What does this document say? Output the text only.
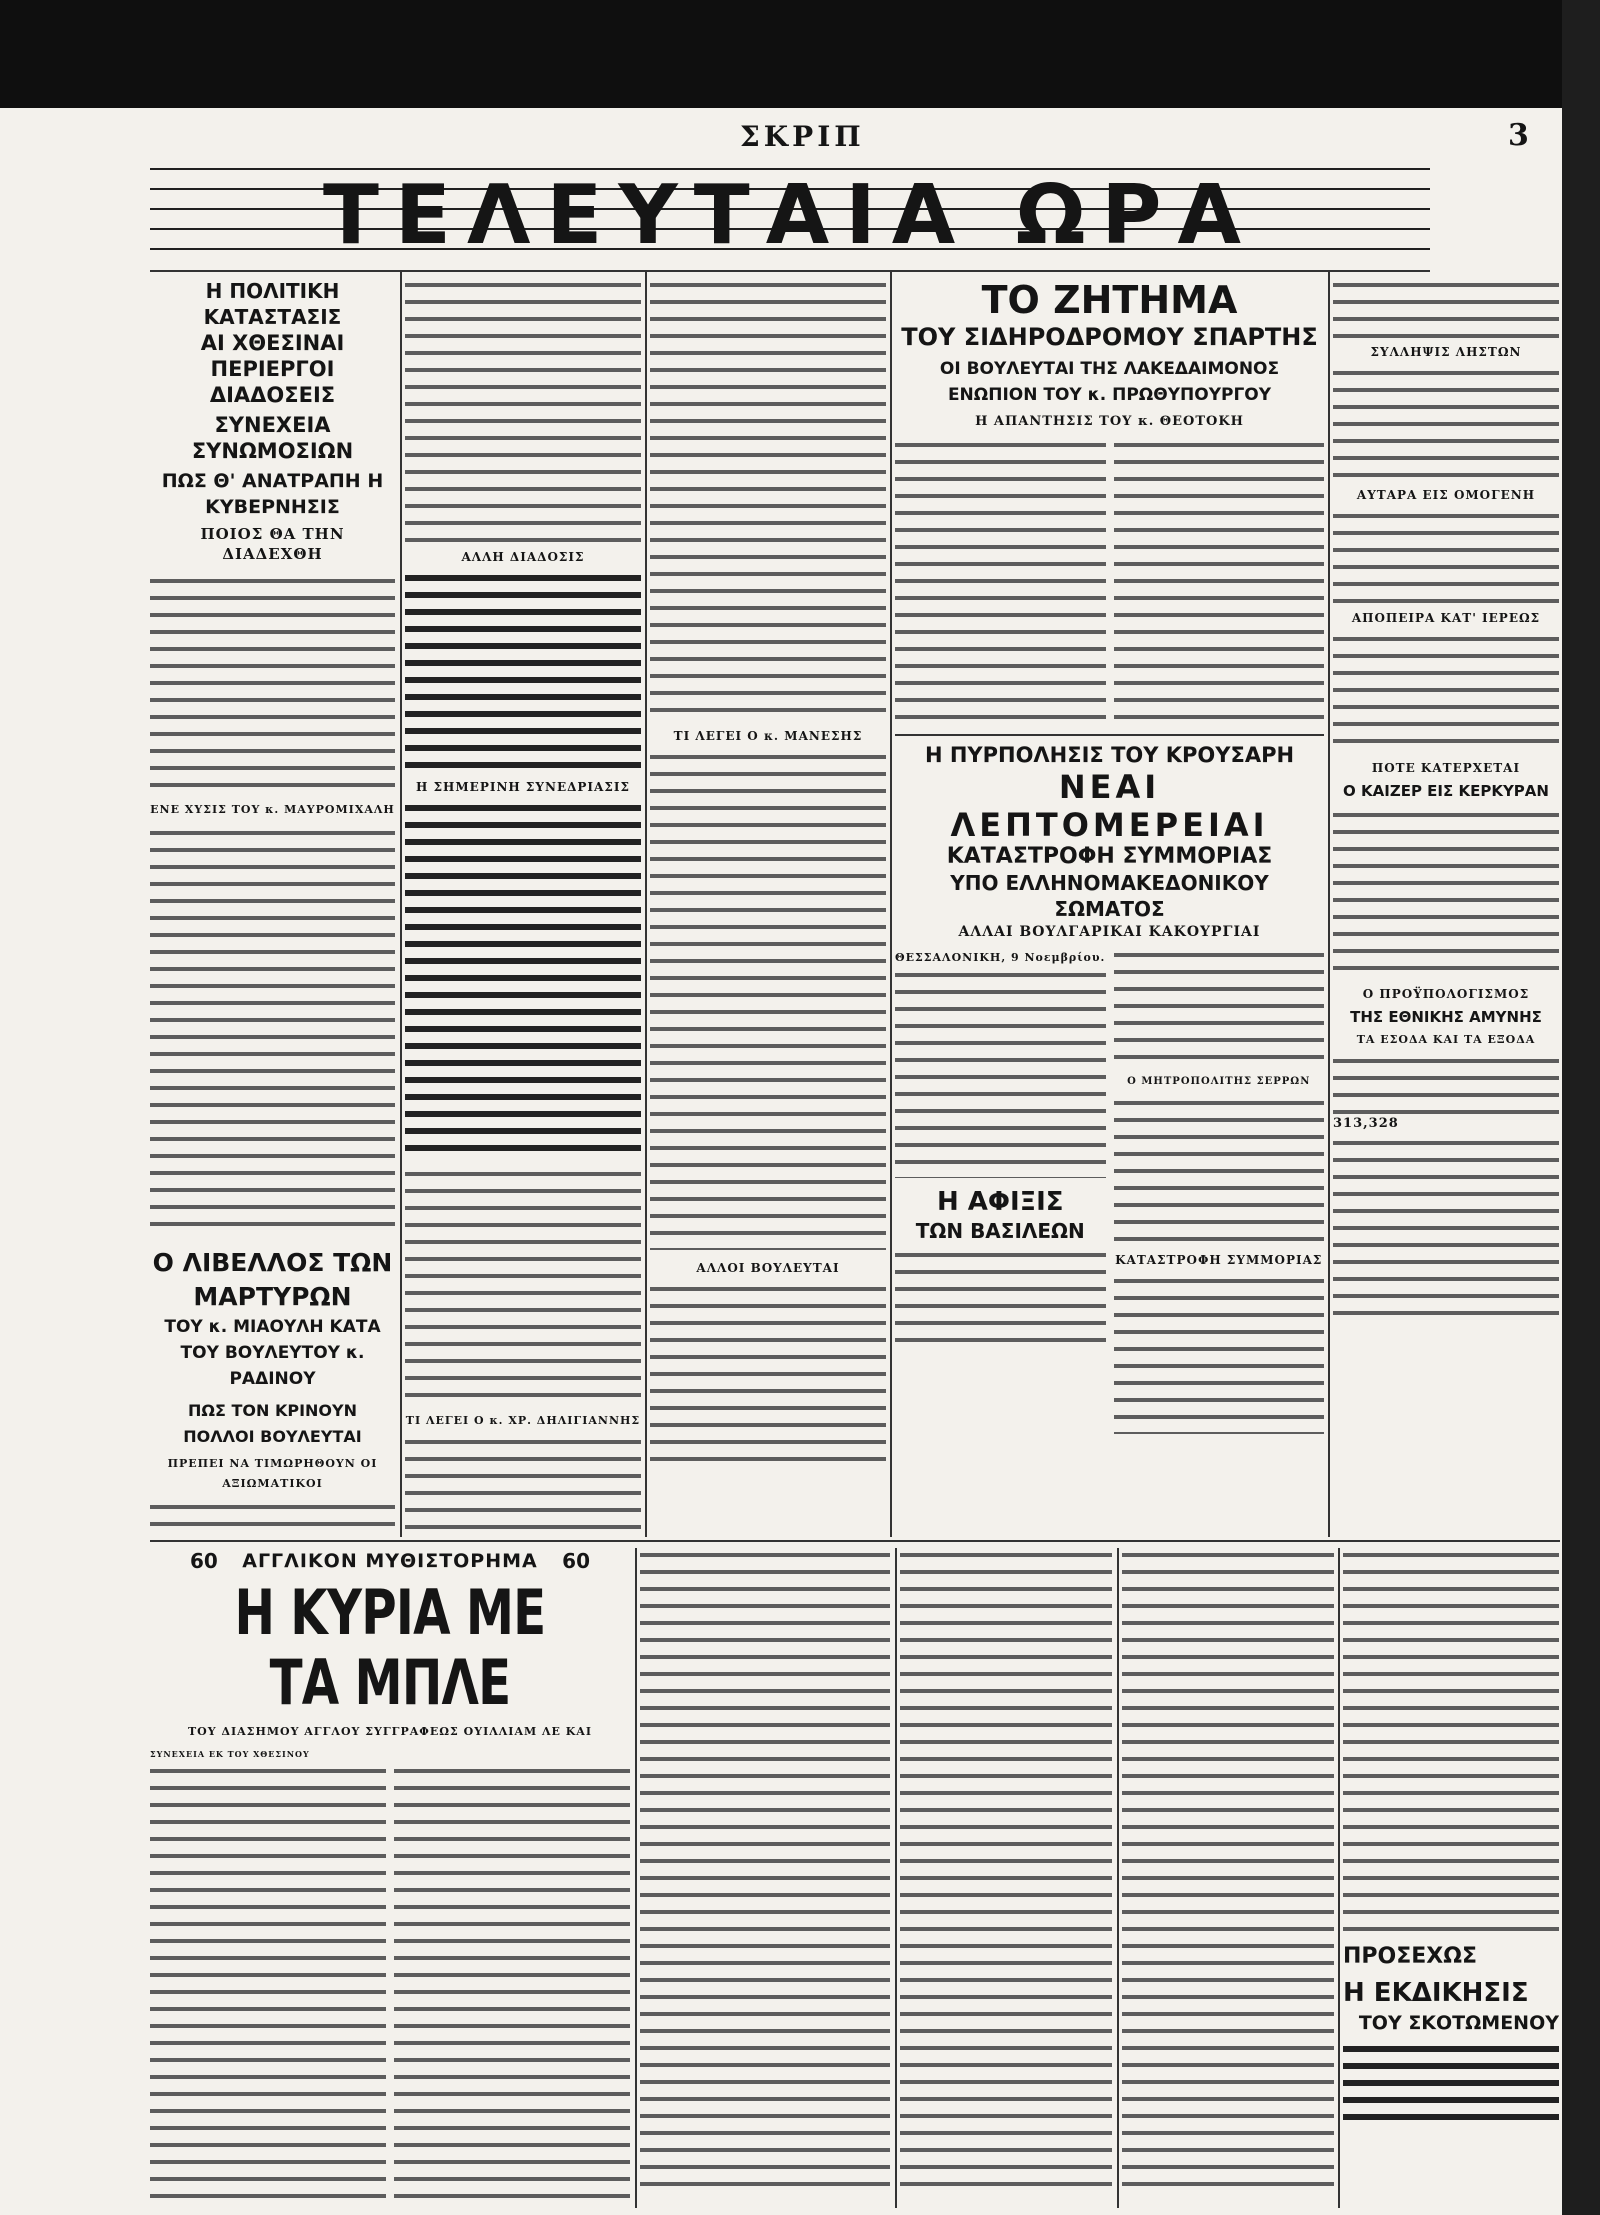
ΣΚΡΙΠ	3
ΤΕΛΕΥΤΑΙΑ ΩΡΑ
Η ΠΟΛΙΤΙΚΗ ΚΑΤΑΣΤΑΣΙΣ
ΑΙ ΧΘΕΣΙΝΑΙ ΠΕΡΙΕΡΓΟΙ ΔΙΑΔΟΣΕΙΣ
ΣΥΝΕΧΕΙΑ ΣΥΝΩΜΟΣΙΩΝ
ΠΩΣ Θ' ΑΝΑΤΡΑΠΗ Η ΚΥΒΕΡΝΗΣΙΣ
ΠΟΙΟΣ ΘΑ ΤΗΝ ΔΙΑΔΕΧΘΗ
ΕΝΕ ΧΥΣΙΣ ΤΟΥ κ. ΜΑΥΡΟΜΙΧΑΛΗ
Ο ΛΙΒΕΛΛΟΣ ΤΩΝ ΜΑΡΤΥΡΩΝ
ΤΟΥ κ. ΜΙΑΟΥΛΗ ΚΑΤΑ ΤΟΥ ΒΟΥΛΕΥΤΟΥ κ. ΡΑΔΙΝΟΥ
ΠΩΣ ΤΟΝ ΚΡΙΝΟΥΝ ΠΟΛΛΟΙ ΒΟΥΛΕΥΤΑΙ
ΠΡΕΠΕΙ ΝΑ ΤΙΜΩΡΗΘΟΥΝ ΟΙ ΑΞΙΩΜΑΤΙΚΟΙ
ΑΛΛΗ ΔΙΑΔΟΣΙΣ
Η ΣΗΜΕΡΙΝΗ ΣΥΝΕΔΡΙΑΣΙΣ
ΤΙ ΛΕΓΕΙ Ο κ. ΧΡ. ΔΗΛΙΓΙΑΝΝΗΣ
ΤΙ ΛΕΓΕΙ Ο κ. ΜΑΝΕΣΗΣ
ΑΛΛΟΙ ΒΟΥΛΕΥΤΑΙ
ΤΟ ΖΗΤΗΜΑ
ΤΟΥ ΣΙΔΗΡΟΔΡΟΜΟΥ ΣΠΑΡΤΗΣ
ΟΙ ΒΟΥΛΕΥΤΑΙ ΤΗΣ ΛΑΚΕΔΑΙΜΟΝΟΣ
ΕΝΩΠΙΟΝ ΤΟΥ κ. ΠΡΩΘΥΠΟΥΡΓΟΥ
Η ΑΠΑΝΤΗΣΙΣ ΤΟΥ κ. ΘΕΟΤΟΚΗ
Η ΠΥΡΠΟΛΗΣΙΣ ΤΟΥ ΚΡΟΥΣΑΡΗ
ΝΕΑΙ ΛΕΠΤΟΜΕΡΕΙΑΙ
ΚΑΤΑΣΤΡΟΦΗ ΣΥΜΜΟΡΙΑΣ
ΥΠΟ ΕΛΛΗΝΟΜΑΚΕΔΟΝΙΚΟΥ ΣΩΜΑΤΟΣ
ΑΛΛΑΙ ΒΟΥΛΓΑΡΙΚΑΙ ΚΑΚΟΥΡΓΙΑΙ
ΘΕΣΣΑΛΟΝΙΚΗ, 9 Νοεμβρίου.
Η ΑΦΙΞΙΣ
ΤΩΝ ΒΑΣΙΛΕΩΝ
Ο ΜΗΤΡΟΠΟΛΙΤΗΣ ΣΕΡΡΩΝ
ΚΑΤΑΣΤΡΟΦΗ ΣΥΜΜΟΡΙΑΣ
ΣΥΛΛΗΨΙΣ ΛΗΣΤΩΝ
ΑΥΤΑΡΑ ΕΙΣ ΟΜΟΓΕΝΗ
ΑΠΟΠΕΙΡΑ ΚΑΤ' ΙΕΡΕΩΣ
ΠΟΤΕ ΚΑΤΕΡΧΕΤΑΙ
Ο ΚΑΙΖΕΡ ΕΙΣ ΚΕΡΚΥΡΑΝ
Ο ΠΡΟΫΠΟΛΟΓΙΣΜΟΣ
ΤΗΣ ΕΘΝΙΚΗΣ ΑΜΥΝΗΣ
ΤΑ ΕΣΟΔΑ ΚΑΙ ΤΑ ΕΞΟΔΑ
313,328
60 ΑΓΓΛΙΚΟΝ ΜΥΘΙΣΤΟΡΗΜΑ 60
Η ΚΥΡΙΑ ΜΕ ΤΑ ΜΠΛΕ
ΤΟΥ ΔΙΑΣΗΜΟΥ ΑΓΓΛΟΥ ΣΥΓΓΡΑΦΕΩΣ ΟΥΙΛΛΙΑΜ ΛΕ ΚΑΙ
ΣΥΝΕΧΕΙΑ ΕΚ ΤΟΥ ΧΘΕΣΙΝΟΥ
ΠΡΟΣΕΧΩΣ
Η ΕΚΔΙΚΗΣΙΣ
ΤΟΥ ΣΚΟΤΩΜΕΝΟΥ
